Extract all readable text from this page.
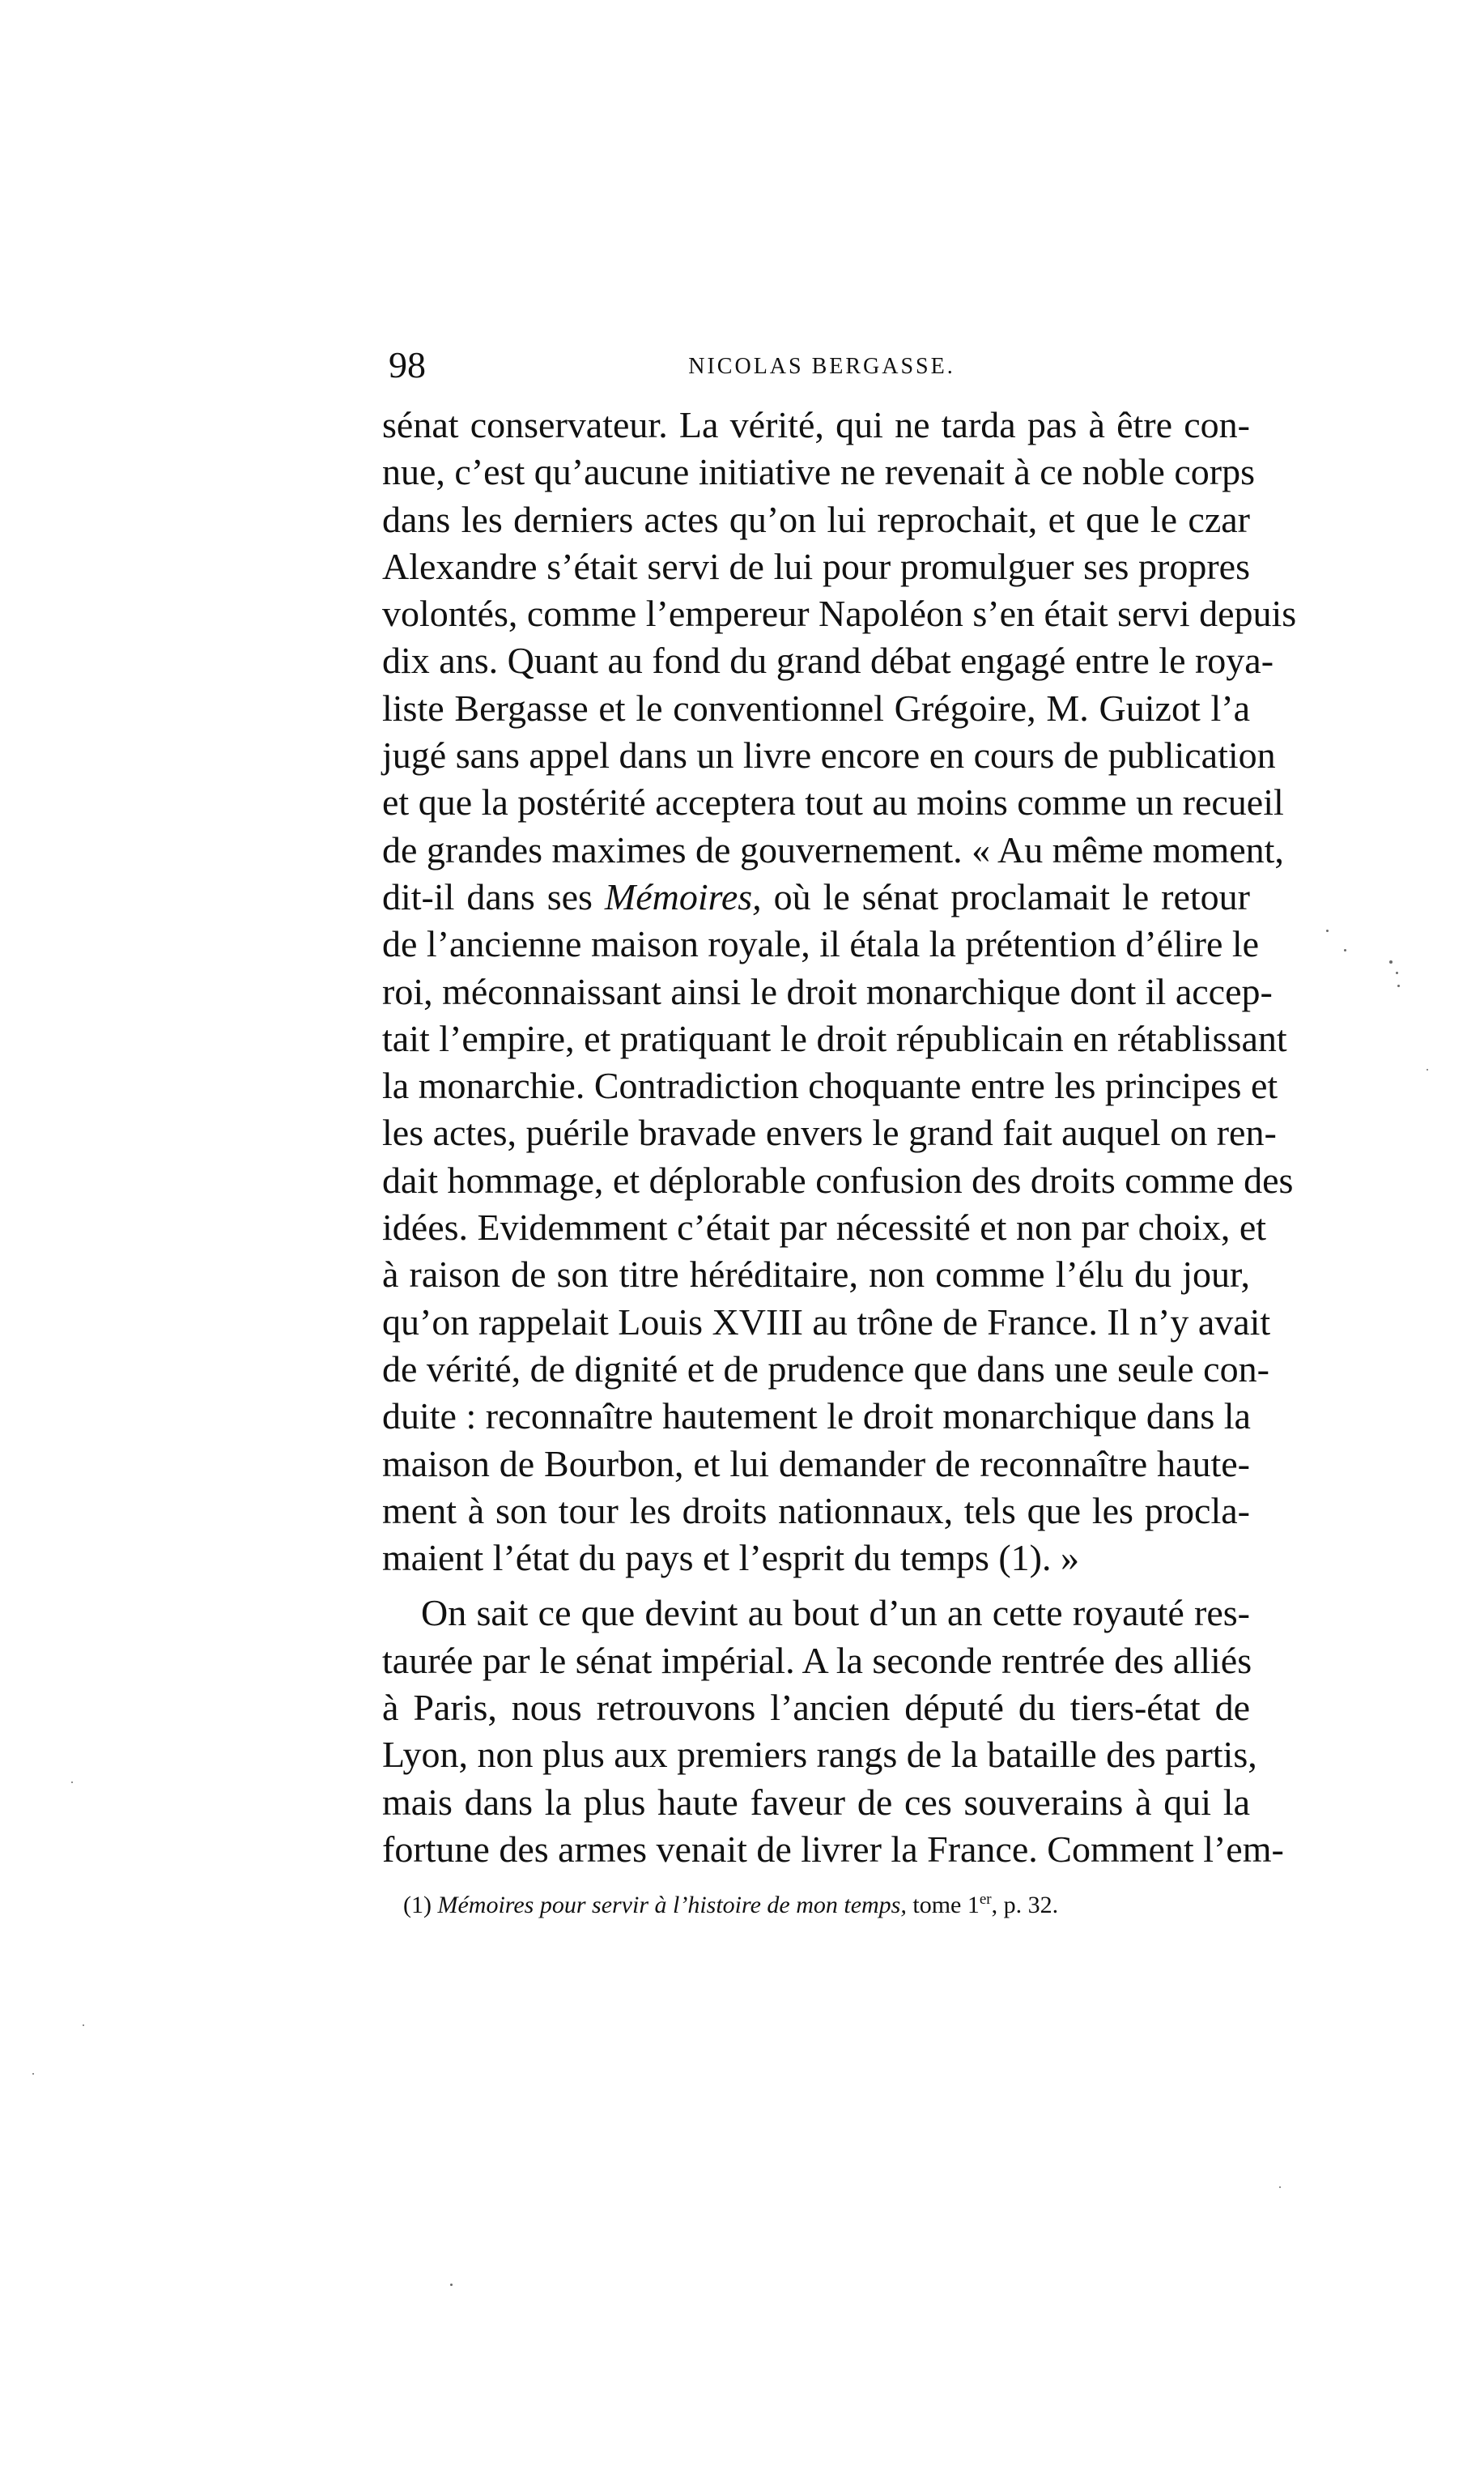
98	NICOLAS BERGASSE.
sénat conservateur. La vérité, qui ne tarda pas à être con-
nue, c’est qu’aucune initiative ne revenait à ce noble corps
dans les derniers actes qu’on lui reprochait, et que le czar
Alexandre s’était servi de lui pour promulguer ses propres
volontés, comme l’empereur Napoléon s’en était servi depuis
dix ans. Quant au fond du grand débat engagé entre le roya-
liste Bergasse et le conventionnel Grégoire, M. Guizot l’a
jugé sans appel dans un livre encore en cours de publication
et que la postérité acceptera tout au moins comme un recueil
de grandes maximes de gouvernement. « Au même moment,
dit-il dans ses Mémoires, où le sénat proclamait le retour
de l’ancienne maison royale, il étala la prétention d’élire le
roi, méconnaissant ainsi le droit monarchique dont il accep-
tait l’empire, et pratiquant le droit républicain en rétablissant
la monarchie. Contradiction choquante entre les principes et
les actes, puérile bravade envers le grand fait auquel on ren-
dait hommage, et déplorable confusion des droits comme des
idées. Evidemment c’était par nécessité et non par choix, et
à raison de son titre héréditaire, non comme l’élu du jour,
qu’on rappelait Louis XVIII au trône de France. Il n’y avait
de vérité, de dignité et de prudence que dans une seule con-
duite : reconnaître hautement le droit monarchique dans la
maison de Bourbon, et lui demander de reconnaître haute-
ment à son tour les droits nationnaux, tels que les procla-
maient l’état du pays et l’esprit du temps (1). »
On sait ce que devint au bout d’un an cette royauté res-
taurée par le sénat impérial. A la seconde rentrée des alliés
à Paris, nous retrouvons l’ancien député du tiers-état de
Lyon, non plus aux premiers rangs de la bataille des partis,
mais dans la plus haute faveur de ces souverains à qui la
fortune des armes venait de livrer la France. Comment l’em-
(1) Mémoires pour servir à l’histoire de mon temps, tome 1er, p. 32.
